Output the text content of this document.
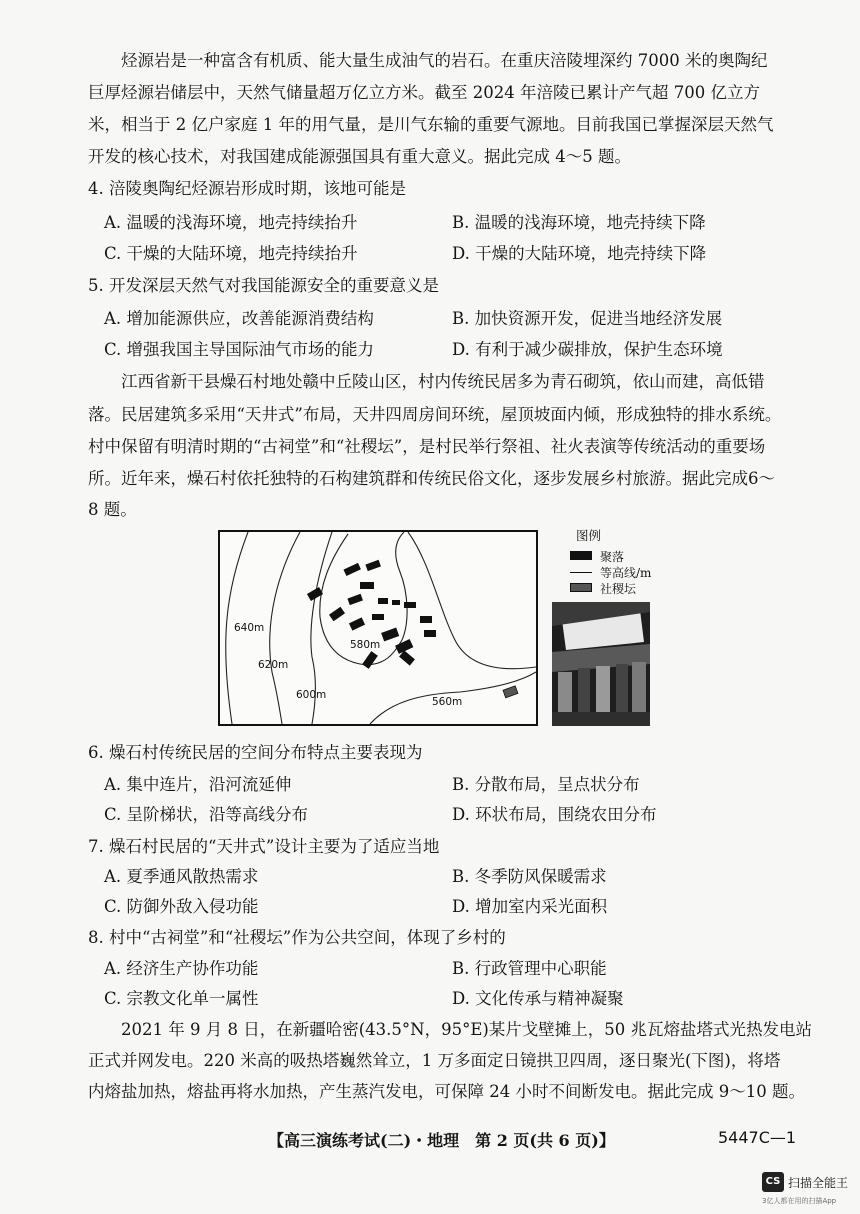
烃源岩是一种富含有机质、能大量生成油气的岩石。在重庆涪陵埋深约 7000 米的奥陶纪
巨厚烃源岩储层中，天然气储量超万亿立方米。截至 2024 年涪陵已累计产气超 700 亿立方
米，相当于 2 亿户家庭 1 年的用气量，是川气东输的重要气源地。目前我国已掌握深层天然气
开发的核心技术，对我国建成能源强国具有重大意义。据此完成 4～5 题。
4. 涪陵奥陶纪烃源岩形成时期，该地可能是
A. 温暖的浅海环境，地壳持续抬升	B. 温暖的浅海环境，地壳持续下降
C. 干燥的大陆环境，地壳持续抬升	D. 干燥的大陆环境，地壳持续下降
5. 开发深层天然气对我国能源安全的重要意义是
A. 增加能源供应，改善能源消费结构	B. 加快资源开发，促进当地经济发展
C. 增强我国主导国际油气市场的能力	D. 有利于减少碳排放，保护生态环境
江西省新干县燥石村地处赣中丘陵山区，村内传统民居多为青石砌筑，依山而建，高低错
落。民居建筑多采用“天井式”布局，天井四周房间环统，屋顶坡面内倾，形成独特的排水系统。
村中保留有明清时期的“古祠堂”和“社稷坛”，是村民举行祭祖、社火表演等传统活动的重要场
所。近年来，燥石村依托独特的石构建筑群和传统民俗文化，逐步发展乡村旅游。据此完成6～
8 题。
640m
620m
600m
580m
560m
图例
聚落
等高线/m
社稷坛
6. 燥石村传统民居的空间分布特点主要表现为
A. 集中连片，沿河流延伸	B. 分散布局，呈点状分布
C. 呈阶梯状，沿等高线分布	D. 环状布局，围绕农田分布
7. 燥石村民居的“天井式”设计主要为了适应当地
A. 夏季通风散热需求	B. 冬季防风保暖需求
C. 防御外敌入侵功能	D. 增加室内采光面积
8. 村中“古祠堂”和“社稷坛”作为公共空间，体现了乡村的
A. 经济生产协作功能	B. 行政管理中心职能
C. 宗教文化单一属性	D. 文化传承与精神凝聚
2021 年 9 月 8 日，在新疆哈密(43.5°N，95°E)某片戈壁摊上，50 兆瓦熔盐塔式光热发电站
正式并网发电。220 米高的吸热塔巍然耸立，1 万多面定日镜拱卫四周，逐日聚光(下图)，将塔
内熔盐加热，熔盐再将水加热，产生蒸汽发电，可保障 24 小时不间断发电。据此完成 9～10 题。
【高三演练考试(二)・地理　第 2 页(共 6 页)】	5447C—1
CS 扫描全能王
3亿人都在用的扫描App
